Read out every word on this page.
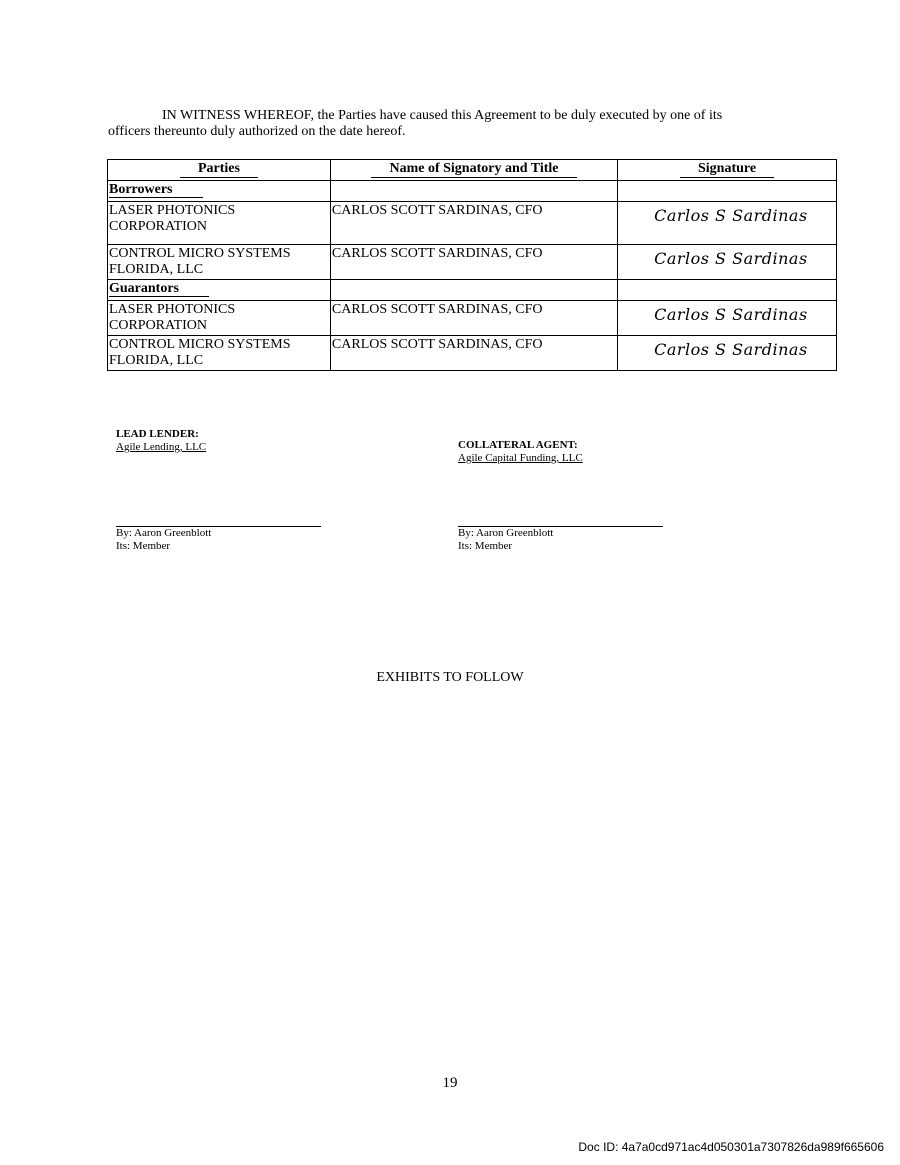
IN WITNESS WHEREOF, the Parties have caused this Agreement to be duly executed by one of its officers thereunto duly authorized on the date hereof.
Parties	Name of Signatory and Title	Signature
Borrowers		
LASER PHOTONICS CORPORATION	CARLOS SCOTT SARDINAS, CFO	Carlos S Sardinas

CONTROL MICRO SYSTEMS FLORIDA, LLC	CARLOS SCOTT SARDINAS, CFO	Carlos S Sardinas

Guarantors		
LASER PHOTONICS CORPORATION	CARLOS SCOTT SARDINAS, CFO	Carlos S Sardinas

CONTROL MICRO SYSTEMS FLORIDA, LLC	CARLOS SCOTT SARDINAS, CFO	Carlos S Sardinas
LEAD LENDER:
Agile Lending, LLC	COLLATERAL AGENT:
Agile Capital Funding, LLC
By: Aaron Greenblott
Its: Member
By: Aaron Greenblott
Its: Member
EXHIBITS TO FOLLOW
19
Doc ID: 4a7a0cd971ac4d050301a7307826da989f665606
